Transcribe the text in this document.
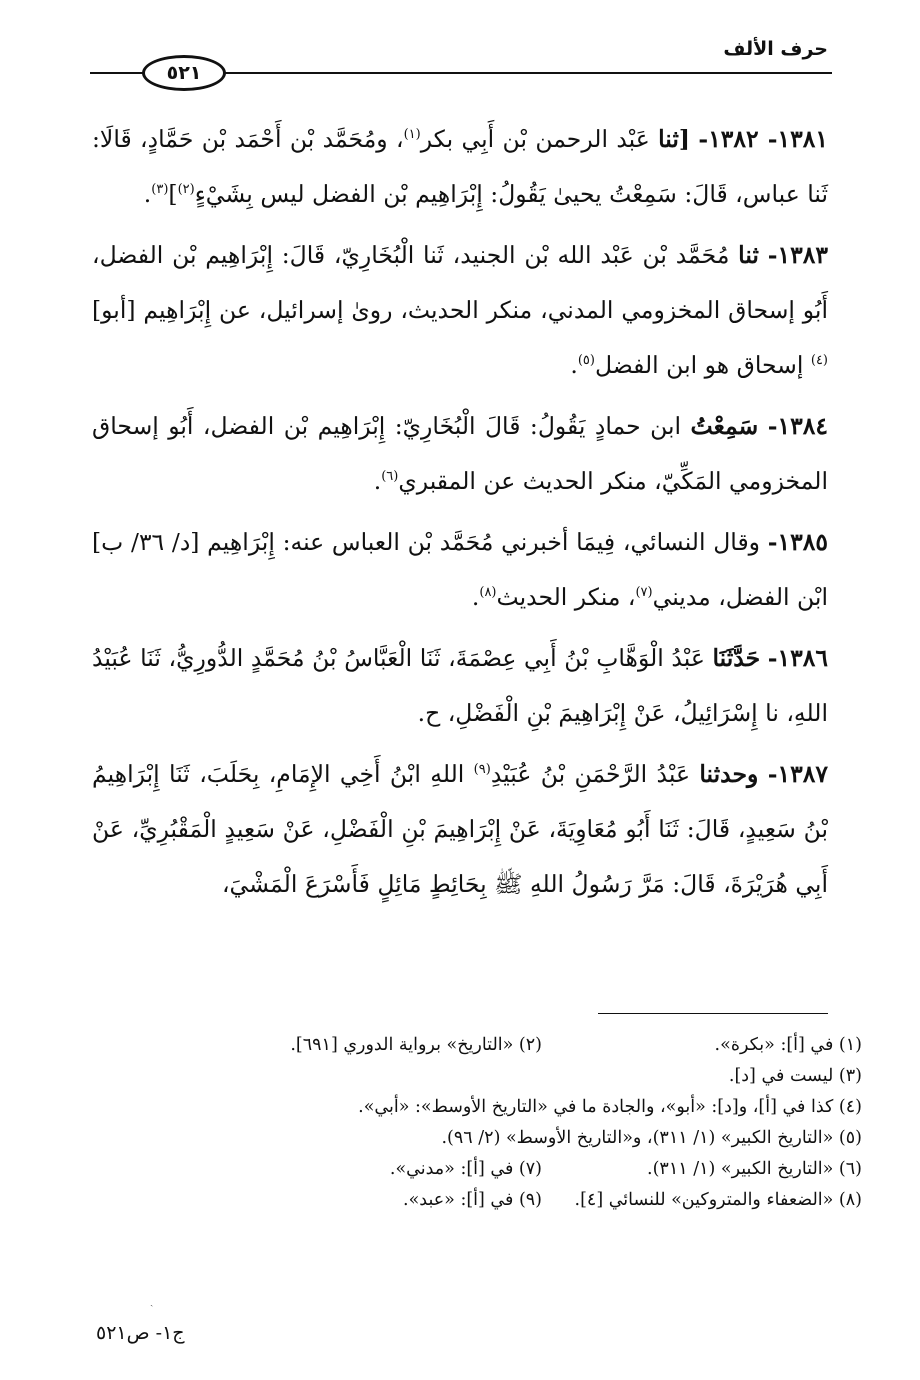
حرف الألف
٥٢١

١٣٨١- ١٣٨٢- [ثنا عَبْد الرحمن بْن أَبِي بكر$^{(١)}$، ومُحَمَّد بْن أَحْمَد بْن حَمَّادٍ، قَالَا: ثَنا عباس، قَالَ: سَمِعْتُ يحيىٰ يَقُولُ: إِبْرَاهِيم بْن الفضل ليس بِشَيْءٍ$^{(٢)}$]$^{(٣)}$.

١٣٨٣- ثنا مُحَمَّد بْن عَبْد الله بْن الجنيد، ثَنا الْبُخَارِيّ، قَالَ: إِبْرَاهِيم بْن الفضل، أَبُو إسحاق المخزومي المدني، منكر الحديث، روىٰ إسرائيل، عن إِبْرَاهِيم [أبو]$^{(٤)}$ إسحاق هو ابن الفضل$^{(٥)}$.

١٣٨٤- سَمِعْتُ ابن حمادٍ يَقُولُ: قَالَ الْبُخَارِيّ: إِبْرَاهِيم بْن الفضل، أَبُو إسحاق المخزومي المَكِّيّ، منكر الحديث عن المقبري$^{(٦)}$.

١٣٨٥- وقال النسائي، فِيمَا أخبرني مُحَمَّد بْن العباس عنه: إِبْرَاهِيم [د/ ٣٦/ ب] ابْن الفضل، مديني$^{(٧)}$، منكر الحديث$^{(٨)}$.

١٣٨٦- حَدَّثَنَا عَبْدُ الْوَهَّابِ بْنُ أَبِي عِصْمَةَ، ثَنَا الْعَبَّاسُ بْنُ مُحَمَّدٍ الدُّورِيُّ، ثَنَا عُبَيْدُ اللهِ، نا إِسْرَائِيلُ، عَنْ إِبْرَاهِيمَ بْنِ الْفَضْلِ، ح.

١٣٨٧- وحدثنا عَبْدُ الرَّحْمَنِ بْنُ عُبَيْدِ$^{(٩)}$ اللهِ ابْنُ أَخِي الإِمَامِ، بِحَلَبَ، ثَنَا إِبْرَاهِيمُ بْنُ سَعِيدٍ، قَالَ: ثَنَا أَبُو مُعَاوِيَةَ، عَنْ إِبْرَاهِيمَ بْنِ الْفَضْلِ، عَنْ سَعِيدٍ الْمَقْبُرِيِّ، عَنْ أَبِي هُرَيْرَةَ، قَالَ: مَرَّ رَسُولُ اللهِ ﷺ بِحَائِطٍ مَائِلٍ فَأَسْرَعَ الْمَشْيَ،

(١) في [أ]: «بكرة».
(٢) «التاريخ» برواية الدوري [٦٩١].
(٣) ليست في [د].
(٤) كذا في [أ]، و[د]: «أبو»، والجادة ما في «التاريخ الأوسط»: «أبي».
(٥) «التاريخ الكبير» (١/ ٣١١)، و«التاريخ الأوسط» (٢/ ٩٦).
(٦) «التاريخ الكبير» (١/ ٣١١).
(٧) في [أ]: «مدني».
(٨) «الضعفاء والمتروكين» للنسائي [٤].
(٩) في [أ]: «عبد».
ˎ
ج١- ص٥٢١
